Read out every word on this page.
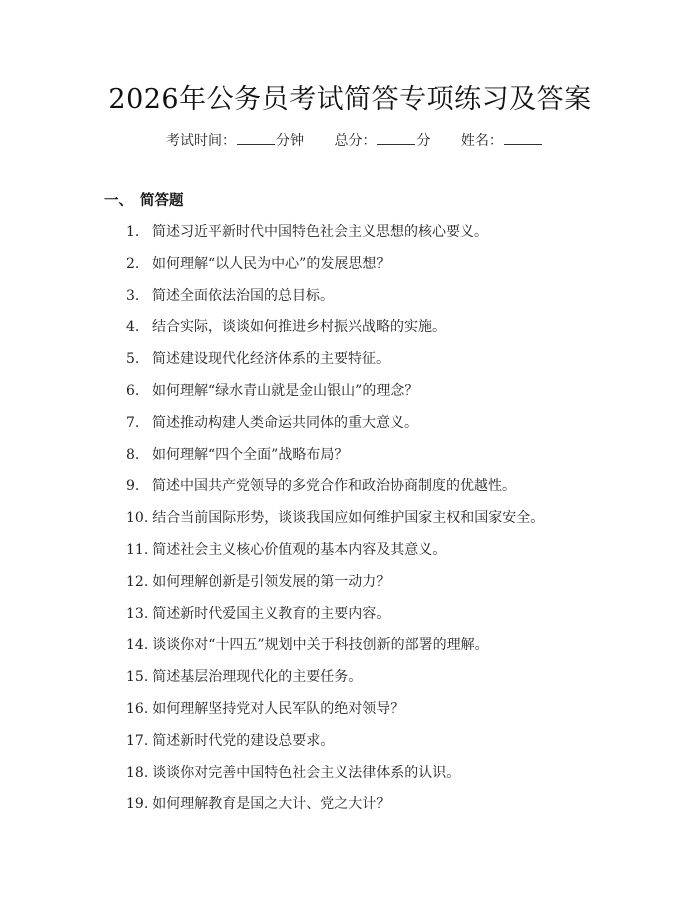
2026年公务员考试简答专项练习及答案
考试时间：	分钟 总分：	分 姓名：
一、 简答题
1. 简述习近平新时代中国特色社会主义思想的核心要义。
2. 如何理解“以人民为中心”的发展思想？
3. 简述全面依法治国的总目标。
4. 结合实际，谈谈如何推进乡村振兴战略的实施。
5. 简述建设现代化经济体系的主要特征。
6. 如何理解“绿水青山就是金山银山”的理念？
7. 简述推动构建人类命运共同体的重大意义。
8. 如何理解“四个全面”战略布局？
9. 简述中国共产党领导的多党合作和政治协商制度的优越性。
10. 结合当前国际形势，谈谈我国应如何维护国家主权和国家安全。
11. 简述社会主义核心价值观的基本内容及其意义。
12. 如何理解创新是引领发展的第一动力？
13. 简述新时代爱国主义教育的主要内容。
14. 谈谈你对“十四五”规划中关于科技创新的部署的理解。
15. 简述基层治理现代化的主要任务。
16. 如何理解坚持党对人民军队的绝对领导？
17. 简述新时代党的建设总要求。
18. 谈谈你对完善中国特色社会主义法律体系的认识。
19. 如何理解教育是国之大计、党之大计？
